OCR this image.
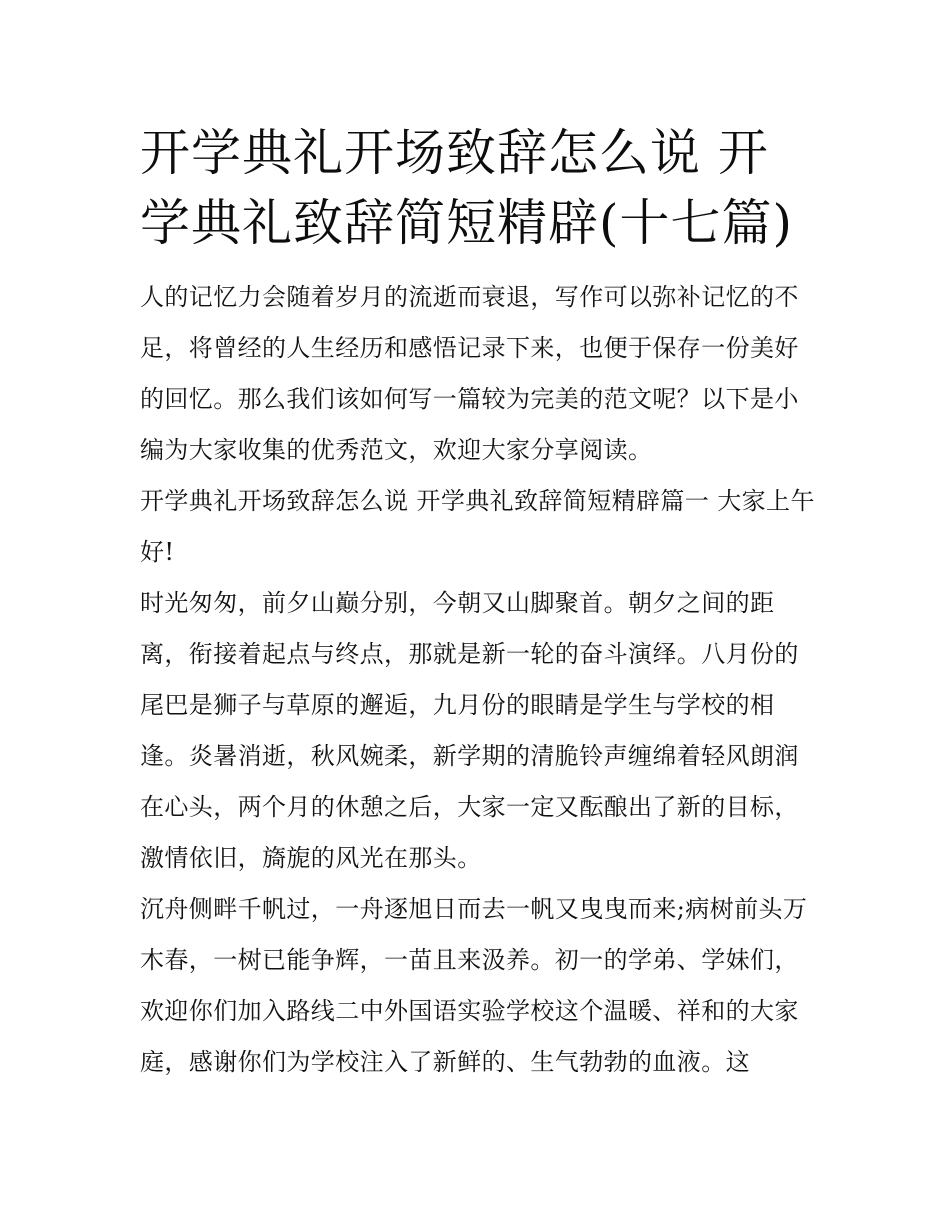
开学典礼开场致辞怎么说 开学典礼致辞简短精辟(十七篇)

人的记忆力会随着岁月的流逝而衰退，写作可以弥补记忆的不足，将曾经的人生经历和感悟记录下来，也便于保存一份美好的回忆。那么我们该如何写一篇较为完美的范文呢？以下是小编为大家收集的优秀范文，欢迎大家分享阅读。

开学典礼开场致辞怎么说 开学典礼致辞简短精辟篇一 大家上午好!

时光匆匆，前夕山巅分别，今朝又山脚聚首。朝夕之间的距离，衔接着起点与终点，那就是新一轮的奋斗演绎。八月份的尾巴是狮子与草原的邂逅，九月份的眼睛是学生与学校的相逢。炎暑消逝，秋风婉柔，新学期的清脆铃声缠绵着轻风朗润在心头，两个月的休憩之后，大家一定又酝酿出了新的目标，激情依旧，旖旎的风光在那头。

沉舟侧畔千帆过，一舟逐旭日而去一帆又曳曳而来;病树前头万木春，一树已能争辉，一苗且来汲养。初一的学弟、学妹们，欢迎你们加入路线二中外国语实验学校这个温暖、祥和的大家庭，感谢你们为学校注入了新鲜的、生气勃勃的血液。这
